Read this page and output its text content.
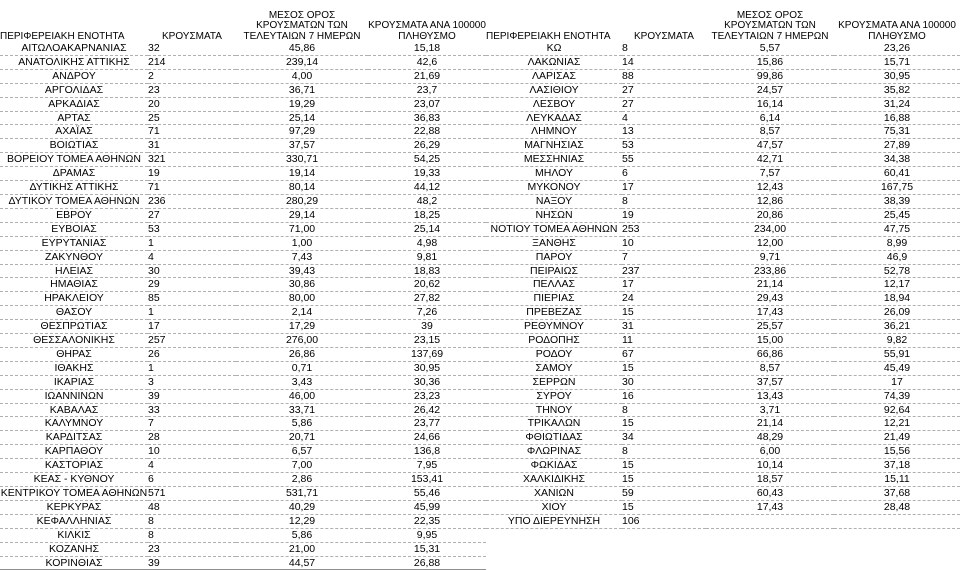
ΠΕΡΙΦΕΡΕΙΑΚΗ ΕΝΟΤΗΤΑ	ΚΡΟΥΣΜΑΤΑ	ΜΕΣΟΣ ΟΡΟΣ
ΚΡΟΥΣΜΑΤΩΝ ΤΩΝ
ΤΕΛΕΥΤΑΙΩΝ 7 ΗΜΕΡΩΝ	ΚΡΟΥΣΜΑΤΑ ΑΝΑ 100000
ΠΛΗΘΥΣΜΟ

ΑΙΤΩΛΟΑΚΑΡΝΑΝΙΑΣ	32	45,86	15,18
ΑΝΑΤΟΛΙΚΗΣ ΑΤΤΙΚΗΣ	214	239,14	42,6
ΑΝΔΡΟΥ	2	4,00	21,69
ΑΡΓΟΛΙΔΑΣ	23	36,71	23,7
ΑΡΚΑΔΙΑΣ	20	19,29	23,07
ΑΡΤΑΣ	25	25,14	36,83
ΑΧΑΪΑΣ	71	97,29	22,88
ΒΟΙΩΤΙΑΣ	31	37,57	26,29
ΒΟΡΕΙΟΥ ΤΟΜΕΑ ΑΘΗΝΩΝ	321	330,71	54,25
ΔΡΑΜΑΣ	19	19,14	19,33
ΔΥΤΙΚΗΣ ΑΤΤΙΚΗΣ	71	80,14	44,12
ΔΥΤΙΚΟΥ ΤΟΜΕΑ ΑΘΗΝΩΝ	236	280,29	48,2
ΕΒΡΟΥ	27	29,14	18,25
ΕΥΒΟΙΑΣ	53	71,00	25,14
ΕΥΡΥΤΑΝΙΑΣ	1	1,00	4,98
ΖΑΚΥΝΘΟΥ	4	7,43	9,81
ΗΛΕΙΑΣ	30	39,43	18,83
ΗΜΑΘΙΑΣ	29	30,86	20,62
ΗΡΑΚΛΕΙΟΥ	85	80,00	27,82
ΘΑΣΟΥ	1	2,14	7,26
ΘΕΣΠΡΩΤΙΑΣ	17	17,29	39
ΘΕΣΣΑΛΟΝΙΚΗΣ	257	276,00	23,15
ΘΗΡΑΣ	26	26,86	137,69
ΙΘΑΚΗΣ	1	0,71	30,95
ΙΚΑΡΙΑΣ	3	3,43	30,36
ΙΩΑΝΝΙΝΩΝ	39	46,00	23,23
ΚΑΒΑΛΑΣ	33	33,71	26,42
ΚΑΛΥΜΝΟΥ	7	5,86	23,77
ΚΑΡΔΙΤΣΑΣ	28	20,71	24,66
ΚΑΡΠΑΘΟΥ	10	6,57	136,8
ΚΑΣΤΟΡΙΑΣ	4	7,00	7,95
ΚΕΑΣ - ΚΥΘΝΟΥ	6	2,86	153,41
ΚΕΝΤΡΙΚΟΥ ΤΟΜΕΑ ΑΘΗΝΩΝ	571	531,71	55,46
ΚΕΡΚΥΡΑΣ	48	40,29	45,99
ΚΕΦΑΛΛΗΝΙΑΣ	8	12,29	22,35
ΚΙΛΚΙΣ	8	5,86	9,95
ΚΟΖΑΝΗΣ	23	21,00	15,31
ΚΟΡΙΝΘΙΑΣ	39	44,57	26,88
ΠΕΡΙΦΕΡΕΙΑΚΗ ΕΝΟΤΗΤΑ	ΚΡΟΥΣΜΑΤΑ	ΜΕΣΟΣ ΟΡΟΣ
ΚΡΟΥΣΜΑΤΩΝ ΤΩΝ
ΤΕΛΕΥΤΑΙΩΝ 7 ΗΜΕΡΩΝ	ΚΡΟΥΣΜΑΤΑ ΑΝΑ 100000
ΠΛΗΘΥΣΜΟ

ΚΩ	8	5,57	23,26
ΛΑΚΩΝΙΑΣ	14	15,86	15,71
ΛΑΡΙΣΑΣ	88	99,86	30,95
ΛΑΣΙΘΙΟΥ	27	24,57	35,82
ΛΕΣΒΟΥ	27	16,14	31,24
ΛΕΥΚΑΔΑΣ	4	6,14	16,88
ΛΗΜΝΟΥ	13	8,57	75,31
ΜΑΓΝΗΣΙΑΣ	53	47,57	27,89
ΜΕΣΣΗΝΙΑΣ	55	42,71	34,38
ΜΗΛΟΥ	6	7,57	60,41
ΜΥΚΟΝΟΥ	17	12,43	167,75
ΝΑΞΟΥ	8	12,86	38,39
ΝΗΣΩΝ	19	20,86	25,45
ΝΟΤΙΟΥ ΤΟΜΕΑ ΑΘΗΝΩΝ	253	234,00	47,75
ΞΑΝΘΗΣ	10	12,00	8,99
ΠΑΡΟΥ	7	9,71	46,9
ΠΕΙΡΑΙΩΣ	237	233,86	52,78
ΠΕΛΛΑΣ	17	21,14	12,17
ΠΙΕΡΙΑΣ	24	29,43	18,94
ΠΡΕΒΕΖΑΣ	15	17,43	26,09
ΡΕΘΥΜΝΟΥ	31	25,57	36,21
ΡΟΔΟΠΗΣ	11	15,00	9,82
ΡΟΔΟΥ	67	66,86	55,91
ΣΑΜΟΥ	15	8,57	45,49
ΣΕΡΡΩΝ	30	37,57	17
ΣΥΡΟΥ	16	13,43	74,39
ΤΗΝΟΥ	8	3,71	92,64
ΤΡΙΚΑΛΩΝ	15	21,14	12,21
ΦΘΙΩΤΙΔΑΣ	34	48,29	21,49
ΦΛΩΡΙΝΑΣ	8	6,00	15,56
ΦΩΚΙΔΑΣ	15	10,14	37,18
ΧΑΛΚΙΔΙΚΗΣ	15	18,57	15,11
ΧΑΝΙΩΝ	59	60,43	37,68
ΧΙΟΥ	15	17,43	28,48
ΥΠΟ ΔΙΕΡΕΥΝΗΣΗ	106		
